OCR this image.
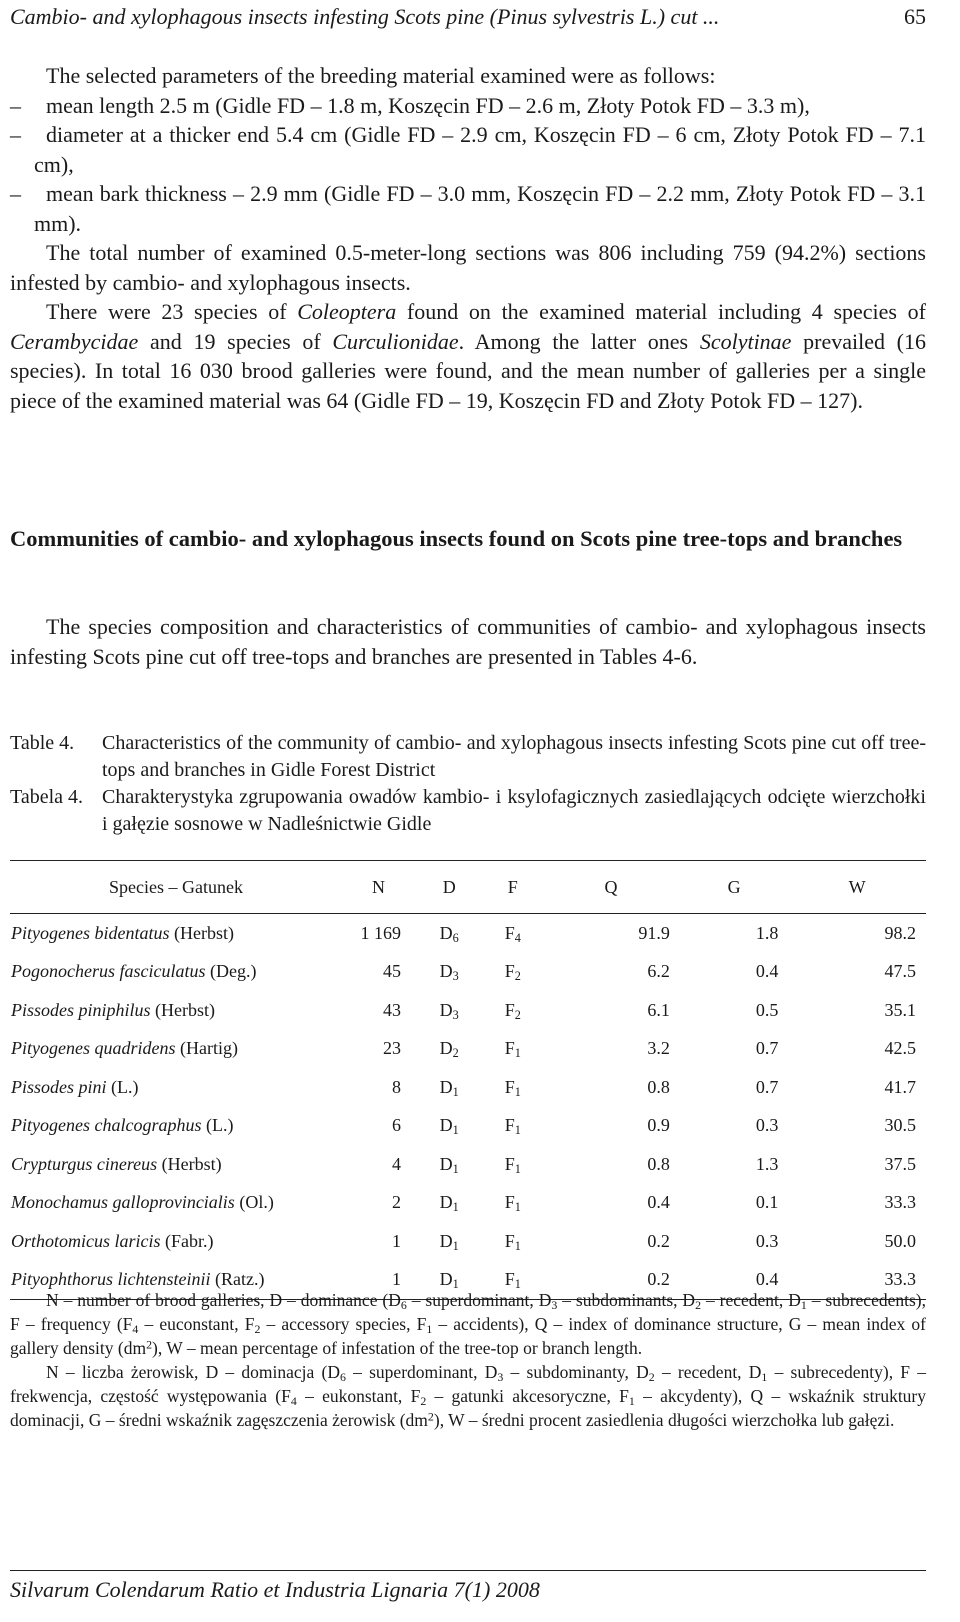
Cambio- and xylophagous insects infesting Scots pine (Pinus sylvestris L.) cut ...	65

The selected parameters of the breeding material examined were as follows:

– mean length 2.5 m (Gidle FD – 1.8 m, Koszęcin FD – 2.6 m, Złoty Potok FD – 3.3 m),

– diameter at a thicker end 5.4 cm (Gidle FD – 2.9 cm, Koszęcin FD – 6 cm, Złoty Potok FD – 7.1 cm),

– mean bark thickness – 2.9 mm (Gidle FD – 3.0 mm, Koszęcin FD – 2.2 mm, Złoty Potok FD – 3.1 mm).

The total number of examined 0.5-meter-long sections was 806 including 759 (94.2%) sections infested by cambio- and xylophagous insects.

There were 23 species of Coleoptera found on the examined material including 4 species of Cerambycidae and 19 species of Curculionidae. Among the latter ones Scolytinae prevailed (16 species). In total 16 030 brood galleries were found, and the mean number of galleries per a single piece of the examined material was 64 (Gidle FD – 19, Koszęcin FD and Złoty Potok FD – 127).

Communities of cambio- and xylophagous insects found on Scots pine tree-tops and branches

The species composition and characteristics of communities of cambio- and xylophagous insects infesting Scots pine cut off tree-tops and branches are presented in Tables 4-6.

Table 4.	Characteristics of the community of cambio- and xylophagous insects infesting Scots pine cut off tree-tops and branches in Gidle Forest District
Tabela 4. Charakterystyka zgrupowania owadów kambio- i ksylofagicznych zasiedlających odcięte wierzchołki i gałęzie sosnowe w Nadleśnictwie Gidle
Species – Gatunek	N	D	F	Q	G	W
Pityogenes bidentatus (Herbst)	1 169	$D_6$	$F_4$	91.9	1.8	98.2
Pogonocherus fasciculatus (Deg.)	45	$D_3$	$F_2$	6.2	0.4	47.5
Pissodes piniphilus (Herbst)	43	$D_3$	$F_2$	6.1	0.5	35.1
Pityogenes quadridens (Hartig)	23	$D_2$	$F_1$	3.2	0.7	42.5
Pissodes pini (L.)	8	$D_1$	$F_1$	0.8	0.7	41.7
Pityogenes chalcographus (L.)	6	$D_1$	$F_1$	0.9	0.3	30.5
Crypturgus cinereus (Herbst)	4	$D_1$	$F_1$	0.8	1.3	37.5
Monochamus galloprovincialis (Ol.)	2	$D_1$	$F_1$	0.4	0.1	33.3
Orthotomicus laricis (Fabr.)	1	$D_1$	$F_1$	0.2	0.3	50.0
Pityophthorus lichtensteinii (Ratz.)	1	$D_1$	$F_1$	0.2	0.4	33.3

N – number of brood galleries, D – dominance ($D_6$ – superdominant, $D_3$ – subdominants, $D_2$ – recedent, $D_1$ – subrecedents), F – frequency ($F_4$ – euconstant, $F_2$ – accessory species, $F_1$ – accidents), Q – index of dominance structure, G – mean index of gallery density $(dm^2)$, W – mean percentage of infestation of the tree-top or branch length.

N – liczba żerowisk, D – dominacja ($D_6$ – superdominant, $D_3$ – subdominanty, $D_2$ – recedent, $D_1$ – subrecedenty), F – frekwencja, częstość występowania ($F_4$ – eukonstant, $F_2$ – gatunki akcesoryczne, $F_1$ – akcydenty), Q – wskaźnik struktury dominacji, G – średni wskaźnik zagęszczenia żerowisk $(dm^2)$, W – średni procent zasiedlenia długości wierzchołka lub gałęzi.

Silvarum Colendarum Ratio et Industria Lignaria 7(1) 2008
